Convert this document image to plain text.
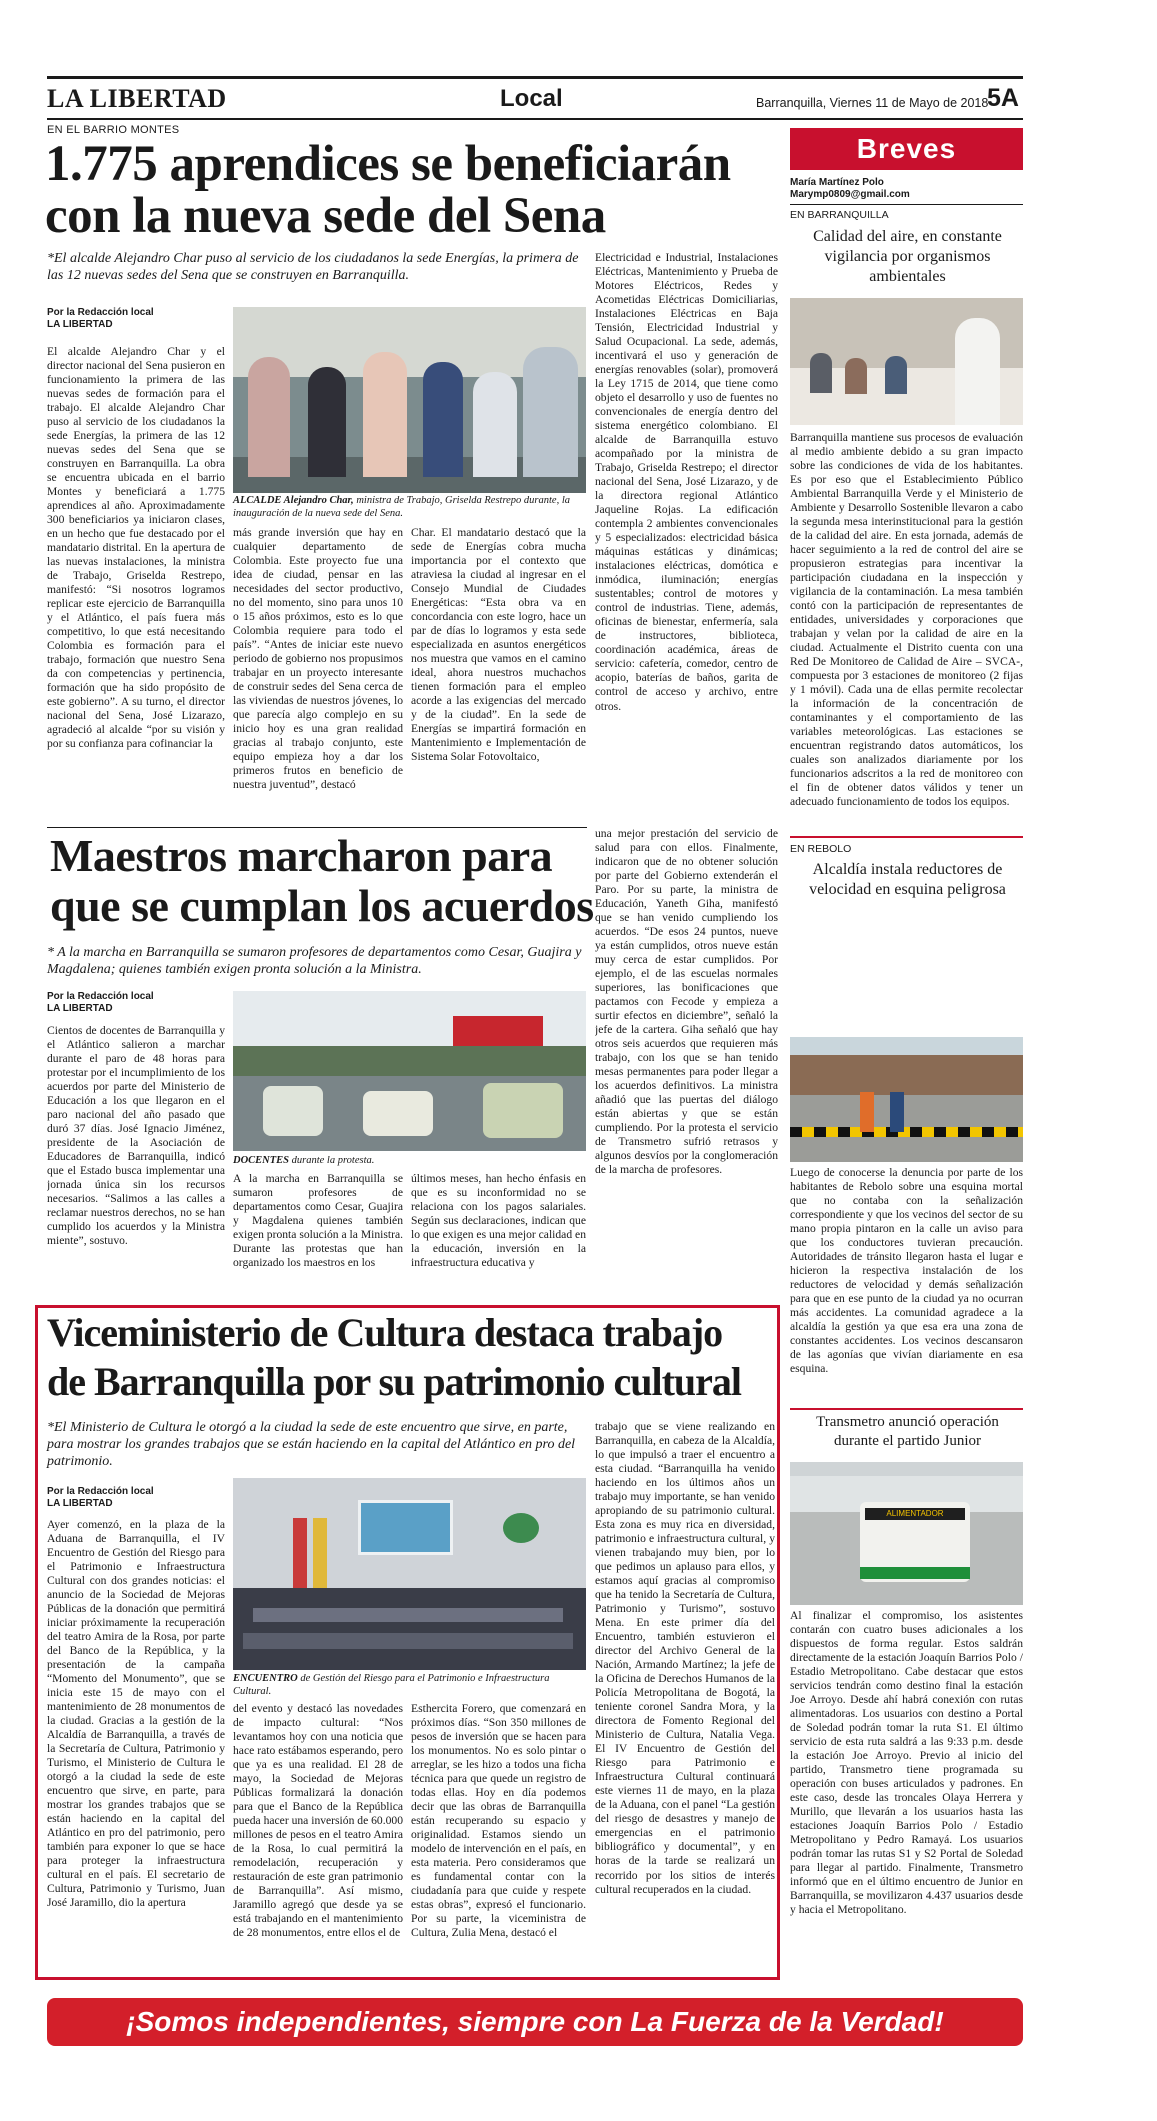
LA LIBERTAD	Local	Barranquilla, Viernes 11 de Mayo de 2018
5A
EN EL BARRIO MONTES
1.775 aprendices se beneficiarán
con la nueva sede del Sena
*El alcalde Alejandro Char puso al servicio de los ciudadanos la sede Energías, la primera de las 12 nuevas sedes del Sena que se construyen en Barranquilla.
Por la Redacción local
LA LIBERTAD
El alcalde Alejandro Char y el director nacional del Sena pusieron en funcionamiento la primera de las nuevas sedes de formación para el trabajo. El alcalde Alejandro Char puso al servicio de los ciudadanos la sede Energías, la primera de las 12 nuevas sedes del Sena que se construyen en Barranquilla. La obra se encuentra ubicada en el barrio Montes y beneficiará a 1.775 aprendices al año. Aproximadamente 300 beneficiarios ya iniciaron clases, en un hecho que fue destacado por el mandatario distrital. En la apertura de las nuevas instalaciones, la ministra de Trabajo, Griselda Restrepo, manifestó: “Si nosotros logramos replicar este ejercicio de Barranquilla y el Atlántico, el país fuera más competitivo, lo que está necesitando Colombia es formación para el trabajo, formación que nuestro Sena da con competencias y pertinencia, formación que ha sido propósito de este gobierno”. A su turno, el director nacional del Sena, José Lizarazo, agradeció al alcalde “por su visión y por su confianza para cofinanciar la
ALCALDE Alejandro Char, ministra de Trabajo, Griselda Restrepo durante, la inauguración de la nueva sede del Sena.
más grande inversión que hay en cualquier departamento de Colombia. Este proyecto fue una idea de ciudad, pensar en las necesidades del sector productivo, no del momento, sino para unos 10 o 15 años próximos, esto es lo que Colombia requiere para todo el país”. “Antes de iniciar este nuevo periodo de gobierno nos propusimos trabajar en un proyecto interesante de construir sedes del Sena cerca de las viviendas de nuestros jóvenes, lo que parecía algo complejo en su inicio hoy es una gran realidad gracias al trabajo conjunto, este equipo empieza hoy a dar los primeros frutos en beneficio de nuestra juventud”, destacó
Char. El mandatario destacó que la sede de Energías cobra mucha importancia por el contexto que atraviesa la ciudad al ingresar en el Consejo Mundial de Ciudades Energéticas: “Esta obra va en concordancia con este logro, hace un par de días lo logramos y esta sede especializada en asuntos energéticos nos muestra que vamos en el camino ideal, ahora nuestros muchachos tienen formación para el empleo acorde a las exigencias del mercado y de la ciudad”. En la sede de Energías se impartirá formación en Mantenimiento e Implementación de Sistema Solar Fotovoltaico,
Electricidad e Industrial, Instalaciones Eléctricas, Mantenimiento y Prueba de Motores Eléctricos, Redes y Acometidas Eléctricas Domiciliarias, Instalaciones Eléctricas en Baja Tensión, Electricidad Industrial y Salud Ocupacional. La sede, además, incentivará el uso y generación de energías renovables (solar), promoverá la Ley 1715 de 2014, que tiene como objeto el desarrollo y uso de fuentes no convencionales de energía dentro del sistema energético colombiano. El alcalde de Barranquilla estuvo acompañado por la ministra de Trabajo, Griselda Restrepo; el director nacional del Sena, José Lizarazo, y de la directora regional Atlántico Jaqueline Rojas. La edificación contempla 2 ambientes convencionales y 5 especializados: electricidad básica máquinas estáticas y dinámicas; instalaciones eléctricas, domótica e inmódica, iluminación; energías sustentables; control de motores y control de industrias. Tiene, además, oficinas de bienestar, enfermería, sala de instructores, biblioteca, coordinación académica, áreas de servicio: cafetería, comedor, centro de acopio, baterías de baños, garita de control de acceso y archivo, entre otros.
Maestros marcharon para
que se cumplan los acuerdos
* A la marcha en Barranquilla se sumaron profesores de departamentos como Cesar, Guajira y Magdalena; quienes también exigen pronta solución a la Ministra.
Por la Redacción local
LA LIBERTAD
Cientos de docentes de Barranquilla y el Atlántico salieron a marchar durante el paro de 48 horas para protestar por el incumplimiento de los acuerdos por parte del Ministerio de Educación a los que llegaron en el paro nacional del año pasado que duró 37 días. José Ignacio Jiménez, presidente de la Asociación de Educadores de Barranquilla, indicó que el Estado busca implementar una jornada única sin los recursos necesarios. “Salimos a las calles a reclamar nuestros derechos, no se han cumplido los acuerdos y la Ministra miente”, sostuvo.
DOCENTES durante la protesta.
A la marcha en Barranquilla se sumaron profesores de departamentos como Cesar, Guajira y Magdalena quienes también exigen pronta solución a la Ministra. Durante las protestas que han organizado los maestros en los
últimos meses, han hecho énfasis en que es su inconformidad no se relaciona con los pagos salariales. Según sus declaraciones, indican que lo que exigen es una mejor calidad en la educación, inversión en la infraestructura educativa y
una mejor prestación del servicio de salud para con ellos. Finalmente, indicaron que de no obtener solución por parte del Gobierno extenderán el Paro. Por su parte, la ministra de Educación, Yaneth Giha, manifestó que se han venido cumpliendo los acuerdos. “De esos 24 puntos, nueve ya están cumplidos, otros nueve están muy cerca de estar cumplidos. Por ejemplo, el de las escuelas normales superiores, las bonificaciones que pactamos con Fecode y empieza a surtir efectos en diciembre”, señaló la jefe de la cartera. Giha señaló que hay otros seis acuerdos que requieren más trabajo, con los que se han tenido mesas permanentes para poder llegar a los acuerdos definitivos. La ministra añadió que las puertas del diálogo están abiertas y que se están cumpliendo. Por la protesta el servicio de Transmetro sufrió retrasos y algunos desvíos por la conglomeración de la marcha de profesores.
Viceministerio de Cultura destaca trabajo
de Barranquilla por su patrimonio cultural
*El Ministerio de Cultura le otorgó a la ciudad la sede de este encuentro que sirve, en parte, para mostrar los grandes trabajos que se están haciendo en la capital del Atlántico en pro del patrimonio.
Por la Redacción local
LA LIBERTAD
Ayer comenzó, en la plaza de la Aduana de Barranquilla, el IV Encuentro de Gestión del Riesgo para el Patrimonio e Infraestructura Cultural con dos grandes noticias: el anuncio de la Sociedad de Mejoras Públicas de la donación que permitirá iniciar próximamente la recuperación del teatro Amira de la Rosa, por parte del Banco de la República, y la presentación de la campaña “Momento del Monumento”, que se inicia este 15 de mayo con el mantenimiento de 28 monumentos de la ciudad. Gracias a la gestión de la Alcaldía de Barranquilla, a través de la Secretaría de Cultura, Patrimonio y Turismo, el Ministerio de Cultura le otorgó a la ciudad la sede de este encuentro que sirve, en parte, para mostrar los grandes trabajos que se están haciendo en la capital del Atlántico en pro del patrimonio, pero también para exponer lo que se hace para proteger la infraestructura cultural en el país. El secretario de Cultura, Patrimonio y Turismo, Juan José Jaramillo, dio la apertura
ENCUENTRO de Gestión del Riesgo para el Patrimonio e Infraestructura Cultural.
del evento y destacó las novedades de impacto cultural: “Nos levantamos hoy con una noticia que hace rato estábamos esperando, pero que ya es una realidad. El 28 de mayo, la Sociedad de Mejoras Públicas formalizará la donación para que el Banco de la República pueda hacer una inversión de 60.000 millones de pesos en el teatro Amira de la Rosa, lo cual permitirá la remodelación, recuperación y restauración de este gran patrimonio de Barranquilla”. Así mismo, Jaramillo agregó que desde ya se está trabajando en el mantenimiento de 28 monumentos, entre ellos el de
Esthercita Forero, que comenzará en próximos días. “Son 350 millones de pesos de inversión que se hacen para los monumentos. No es solo pintar o arreglar, se les hizo a todos una ficha técnica para que quede un registro de todas ellas. Hoy en día podemos decir que las obras de Barranquilla están recuperando su espacio y originalidad. Estamos siendo un modelo de intervención en el país, en esta materia. Pero consideramos que es fundamental contar con la ciudadanía para que cuide y respete estas obras”, expresó el funcionario. Por su parte, la viceministra de Cultura, Zulia Mena, destacó el
trabajo que se viene realizando en Barranquilla, en cabeza de la Alcaldía, lo que impulsó a traer el encuentro a esta ciudad. “Barranquilla ha venido haciendo en los últimos años un trabajo muy importante, se han venido apropiando de su patrimonio cultural. Esta zona es muy rica en diversidad, patrimonio e infraestructura cultural, y vienen trabajando muy bien, por lo que pedimos un aplauso para ellos, y estamos aquí gracias al compromiso que ha tenido la Secretaría de Cultura, Patrimonio y Turismo”, sostuvo Mena. En este primer día del Encuentro, también estuvieron el director del Archivo General de la Nación, Armando Martínez; la jefe de la Oficina de Derechos Humanos de la Policía Metropolitana de Bogotá, la teniente coronel Sandra Mora, y la directora de Fomento Regional del Ministerio de Cultura, Natalia Vega. El IV Encuentro de Gestión del Riesgo para Patrimonio e Infraestructura Cultural continuará este viernes 11 de mayo, en la plaza de la Aduana, con el panel “La gestión del riesgo de desastres y manejo de emergencias en el patrimonio bibliográfico y documental”, y en horas de la tarde se realizará un recorrido por los sitios de interés cultural recuperados en la ciudad.
Breves
María Martínez Polo
Marymp0809@gmail.com
EN BARRANQUILLA
Calidad del aire, en constante vigilancia por organismos ambientales
Barranquilla mantiene sus procesos de evaluación al medio ambiente debido a su gran impacto sobre las condiciones de vida de los habitantes. Es por eso que el Establecimiento Público Ambiental Barranquilla Verde y el Ministerio de Ambiente y Desarrollo Sostenible llevaron a cabo la segunda mesa interinstitucional para la gestión de la calidad del aire. En esta jornada, además de hacer seguimiento a la red de control del aire se propusieron estrategias para incentivar la participación ciudadana en la inspección y vigilancia de la contaminación. La mesa también contó con la participación de representantes de entidades, universidades y corporaciones que trabajan y velan por la calidad de aire en la ciudad. Actualmente el Distrito cuenta con una Red De Monitoreo de Calidad de Aire – SVCA-, compuesta por 3 estaciones de monitoreo (2 fijas y 1 móvil). Cada una de ellas permite recolectar la información de la concentración de contaminantes y el comportamiento de las variables meteorológicas. Las estaciones se encuentran registrando datos automáticos, los cuales son analizados diariamente por los funcionarios adscritos a la red de monitoreo con el fin de obtener datos válidos y tener un adecuado funcionamiento de todos los equipos.
EN REBOLO
Alcaldía instala reductores de velocidad en esquina peligrosa
Luego de conocerse la denuncia por parte de los habitantes de Rebolo sobre una esquina mortal que no contaba con la señalización correspondiente y que los vecinos del sector de su mano propia pintaron en la calle un aviso para que los conductores tuvieran precaución. Autoridades de tránsito llegaron hasta el lugar e hicieron la respectiva instalación de los reductores de velocidad y demás señalización para que en ese punto de la ciudad ya no ocurran más accidentes. La comunidad agradece a la alcaldía la gestión ya que esa era una zona de constantes accidentes. Los vecinos descansaron de las agonías que vivían diariamente en esa esquina.
Transmetro anunció operación durante el partido Junior
ALIMENTADOR
Al finalizar el compromiso, los asistentes contarán con cuatro buses adicionales a los dispuestos de forma regular. Estos saldrán directamente de la estación Joaquín Barrios Polo / Estadio Metropolitano. Cabe destacar que estos servicios tendrán como destino final la estación Joe Arroyo. Desde ahí habrá conexión con rutas alimentadoras. Los usuarios con destino a Portal de Soledad podrán tomar la ruta S1. El último servicio de esta ruta saldrá a las 9:33 p.m. desde la estación Joe Arroyo. Previo al inicio del partido, Transmetro tiene programada su operación con buses articulados y padrones. En este caso, desde las troncales Olaya Herrera y Murillo, que llevarán a los usuarios hasta las estaciones Joaquín Barrios Polo / Estadio Metropolitano y Pedro Ramayá. Los usuarios podrán tomar las rutas S1 y S2 Portal de Soledad para llegar al partido. Finalmente, Transmetro informó que en el último encuentro de Junior en Barranquilla, se movilizaron 4.437 usuarios desde y hacia el Metropolitano.
¡Somos independientes, siempre con La Fuerza de la Verdad!
